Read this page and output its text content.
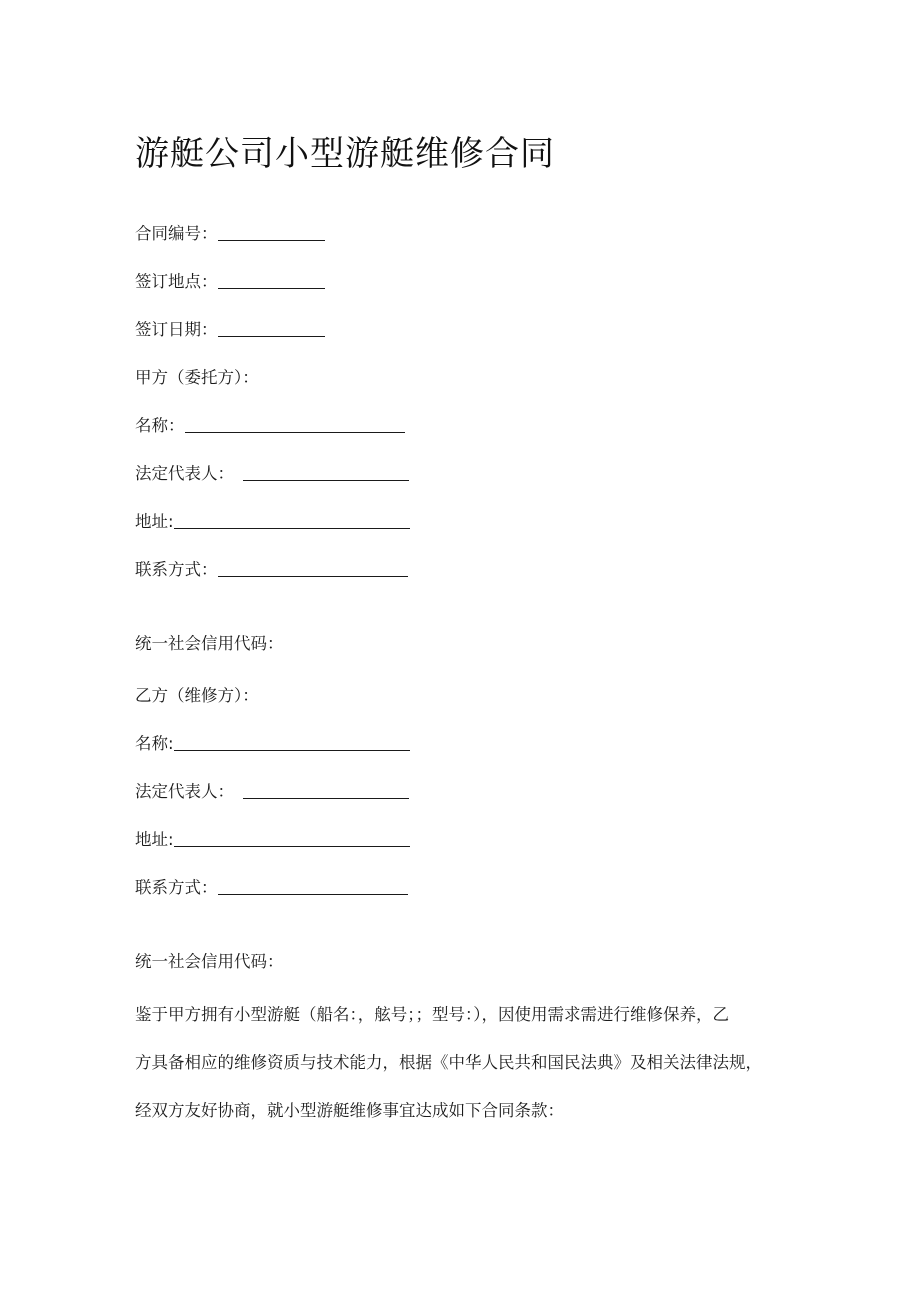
游艇公司小型游艇维修合同
合同编号：
签订地点：
签订日期：
甲方（委托方）：
名称：
法定代表人：
地址:
联系方式：
统一社会信用代码：
乙方（维修方）：
名称:
法定代表人：
地址:
联系方式：
统一社会信用代码：
鉴于甲方拥有小型游艇（船名：，舷号；；型号：），因使用需求需进行维修保养，乙
方具备相应的维修资质与技术能力，根据《中华人民共和国民法典》及相关法律法规，
经双方友好协商，就小型游艇维修事宜达成如下合同条款：
